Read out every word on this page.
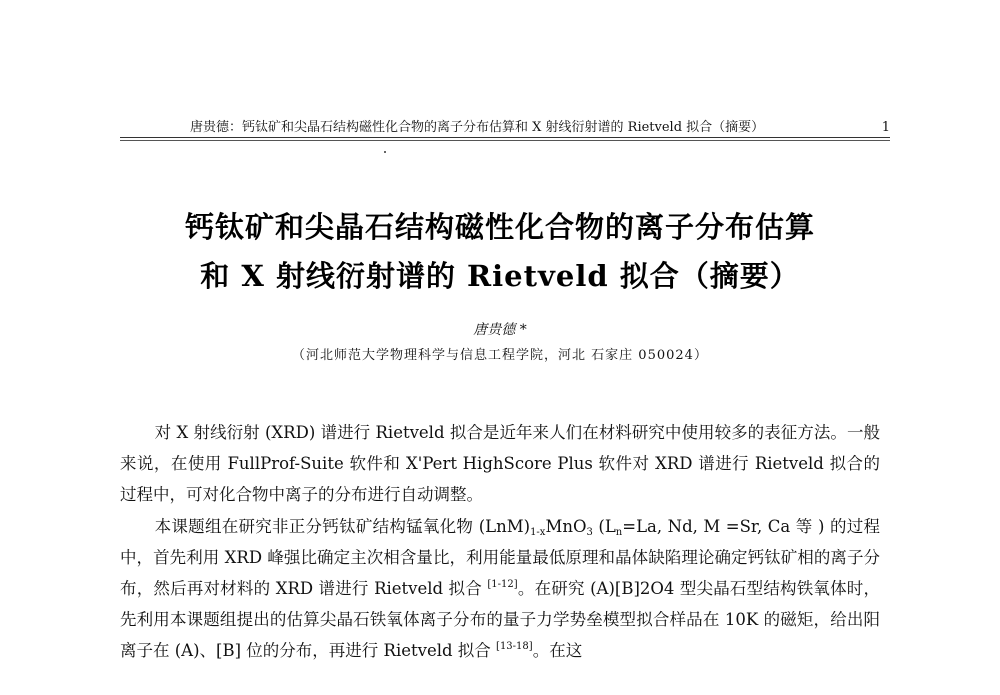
唐贵德：钙钛矿和尖晶石结构磁性化合物的离子分布估算和 X 射线衍射谱的 Rietveld 拟合（摘要）	1
钙钛矿和尖晶石结构磁性化合物的离子分布估算
和 X 射线衍射谱的 Rietveld 拟合（摘要）
唐贵德 *
（河北师范大学物理科学与信息工程学院，河北 石家庄 050024）

对 X 射线衍射 (XRD) 谱进行 Rietveld 拟合是近年来人们在材料研究中使用较多的表征方法。一般来说，在使用 FullProf-Suite 软件和 X'Pert HighScore Plus 软件对 XRD 谱进行 Rietveld 拟合的过程中，可对化合物中离子的分布进行自动调整。

本课题组在研究非正分钙钛矿结构锰氧化物 $(LnM)_{1-x}MnO_3$ ($L_n=La$, Nd, M =Sr, Ca 等 ) 的过程中，首先利用 XRD 峰强比确定主次相含量比，利用能量最低原理和晶体缺陷理论确定钙钛矿相的离子分布，然后再对材料的 XRD 谱进行 Rietveld 拟合 [1-12]。在研究 (A)[B]2O4 型尖晶石型结构铁氧体时，先利用本课题组提出的估算尖晶石铁氧体离子分布的量子力学势垒模型拟合样品在 10K 的磁矩，给出阳离子在 (A)、[B] 位的分布，再进行 Rietveld 拟合 [13-18]。在这
